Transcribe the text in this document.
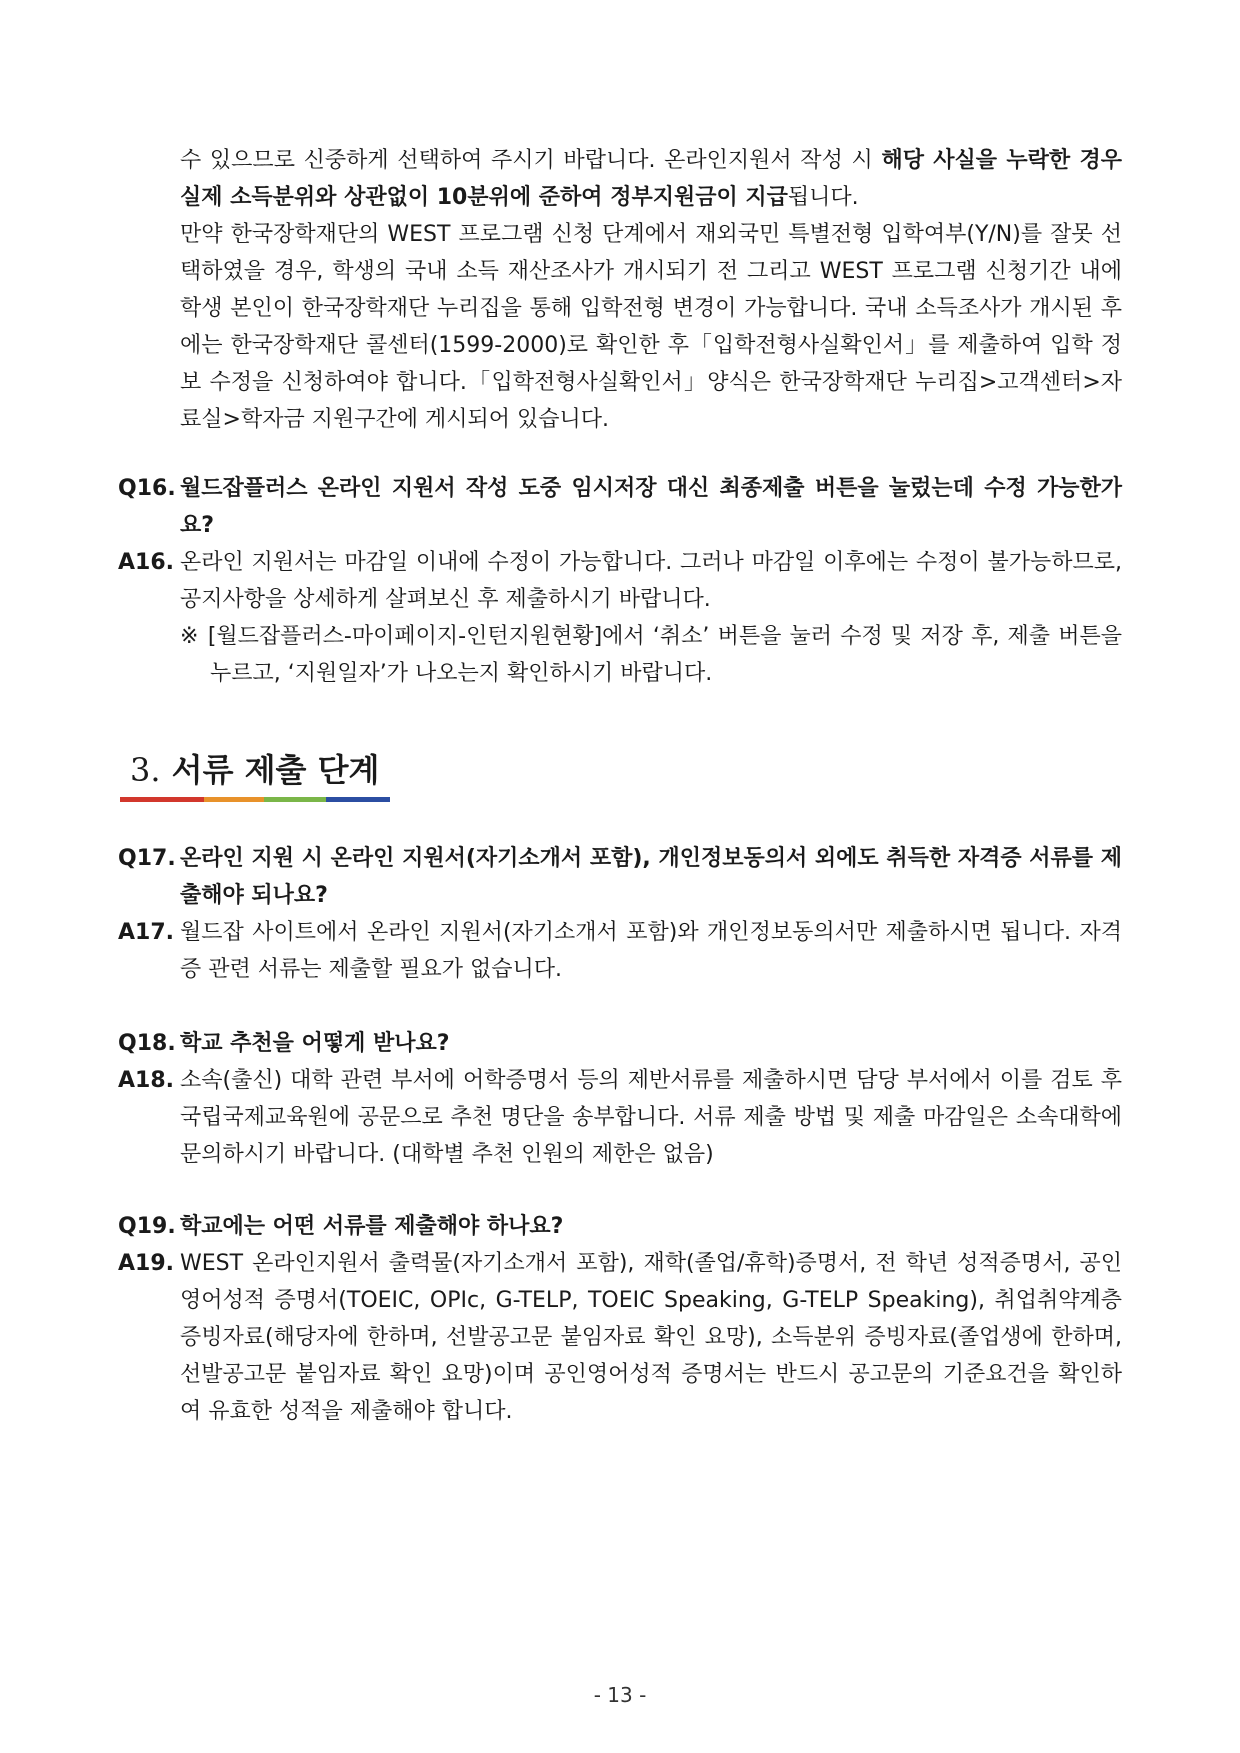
수 있으므로 신중하게 선택하여 주시기 바랍니다. 온라인지원서 작성 시 해당 사실을 누락한 경우 실제 소득분위와 상관없이 10분위에 준하여 정부지원금이 지급됩니다.

만약 한국장학재단의 WEST 프로그램 신청 단계에서 재외국민 특별전형 입학여부(Y/N)를 잘못 선택하였을 경우, 학생의 국내 소득 재산조사가 개시되기 전 그리고 WEST 프로그램 신청기간 내에 학생 본인이 한국장학재단 누리집을 통해 입학전형 변경이 가능합니다. 국내 소득조사가 개시된 후에는 한국장학재단 콜센터(1599-2000)로 확인한 후「입학전형사실확인서」를 제출하여 입학 정보 수정을 신청하여야 합니다.「입학전형사실확인서」양식은 한국장학재단 누리집>고객센터>자료실>학자금 지원구간에 게시되어 있습니다.

Q16. 월드잡플러스 온라인 지원서 작성 도중 임시저장 대신 최종제출 버튼을 눌렀는데 수정 가능한가요?

A16. 온라인 지원서는 마감일 이내에 수정이 가능합니다. 그러나 마감일 이후에는 수정이 불가능하므로, 공지사항을 상세하게 살펴보신 후 제출하시기 바랍니다.
※ [월드잡플러스-마이페이지-인턴지원현황]에서 ‘취소’ 버튼을 눌러 수정 및 저장 후, 제출 버튼을 누르고, ‘지원일자’가 나오는지 확인하시기 바랍니다.
3. 서류 제출 단계

Q17. 온라인 지원 시 온라인 지원서(자기소개서 포함), 개인정보동의서 외에도 취득한 자격증 서류를 제출해야 되나요?

A17. 월드잡 사이트에서 온라인 지원서(자기소개서 포함)와 개인정보동의서만 제출하시면 됩니다. 자격증 관련 서류는 제출할 필요가 없습니다.

Q18. 학교 추천을 어떻게 받나요?

A18. 소속(출신) 대학 관련 부서에 어학증명서 등의 제반서류를 제출하시면 담당 부서에서 이를 검토 후 국립국제교육원에 공문으로 추천 명단을 송부합니다. 서류 제출 방법 및 제출 마감일은 소속대학에 문의하시기 바랍니다. (대학별 추천 인원의 제한은 없음)

Q19. 학교에는 어떤 서류를 제출해야 하나요?

A19. WEST 온라인지원서 출력물(자기소개서 포함), 재학(졸업/휴학)증명서, 전 학년 성적증명서, 공인영어성적 증명서(TOEIC, OPIc, G-TELP, TOEIC Speaking, G-TELP Speaking), 취업취약계층 증빙자료(해당자에 한하며, 선발공고문 붙임자료 확인 요망), 소득분위 증빙자료(졸업생에 한하며, 선발공고문 붙임자료 확인 요망)이며 공인영어성적 증명서는 반드시 공고문의 기준요건을 확인하여 유효한 성적을 제출해야 합니다.

- 13 -
